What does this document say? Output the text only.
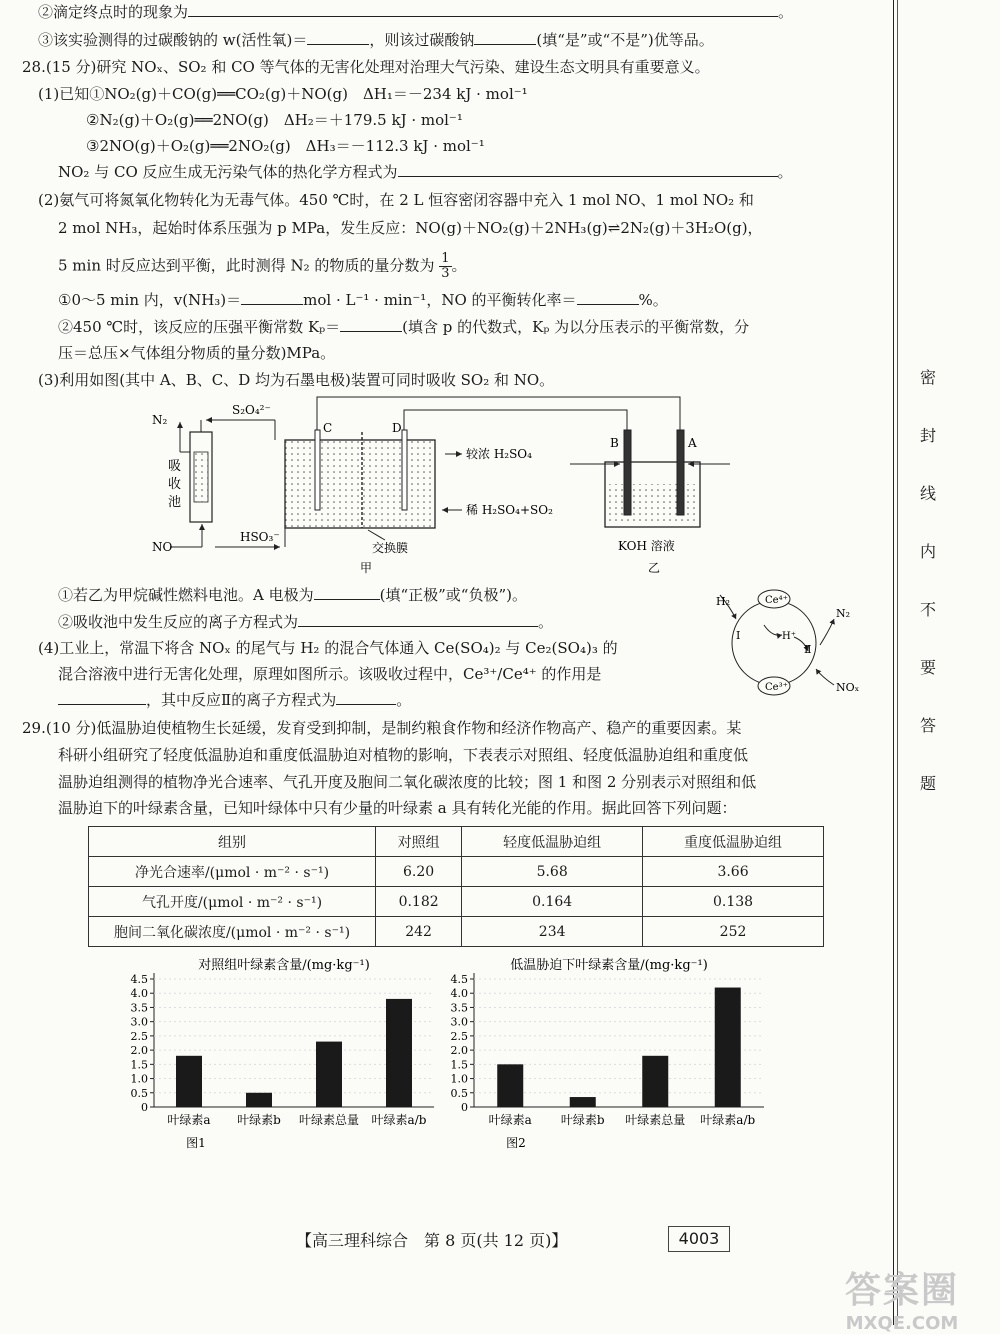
②滴定终点时的现象为	。
③该实验测得的过碳酸钠的 w(活性氧)＝	，则该过碳酸钠	(填“是”或“不是”)优等品。
28.(15 分)研究 NOₓ、SO₂ 和 CO 等气体的无害化处理对治理大气污染、建设生态文明具有重要意义。
(1)已知①NO₂(g)＋CO(g)══CO₂(g)＋NO(g)　ΔH₁＝－234 kJ · mol⁻¹
②N₂(g)＋O₂(g)══2NO(g)　ΔH₂＝＋179.5 kJ · mol⁻¹
③2NO(g)＋O₂(g)══2NO₂(g)　ΔH₃＝－112.3 kJ · mol⁻¹
NO₂ 与 CO 反应生成无污染气体的热化学方程式为	。
(2)氨气可将氮氧化物转化为无毒气体。450 ℃时，在 2 L 恒容密闭容器中充入 1 mol NO、1 mol NO₂ 和
2 mol NH₃，起始时体系压强为 p MPa，发生反应：NO(g)＋NO₂(g)＋2NH₃(g)⇌2N₂(g)＋3H₂O(g)，
5 min 时反应达到平衡，此时测得 N₂ 的物质的量分数为 $\frac{1}{3}$ 。
①0～5 min 内，v(NH₃)＝	mol · L⁻¹ · min⁻¹，NO 的平衡转化率＝	%。
②450 ℃时，该反应的压强平衡常数 Kₚ＝	(填含 p 的代数式，Kₚ 为以分压表示的平衡常数，分
压＝总压×气体组分物质的量分数)MPa。
(3)利用如图(其中 A、B、C、D 均为石墨电极)装置可同时吸收 SO₂ 和 NO。
N₂
NO
S₂O₄²⁻
HSO₃⁻
吸
收
池
C	D
B	A
较浓 H₂SO₄
稀 H₂SO₄+SO₂
交换膜
甲
KOH 溶液
乙
①若乙为甲烷碱性燃料电池。A 电极为	(填“正极”或“负极”)。
②吸收池中发生反应的离子方程式为	。
(4)工业上，常温下将含 NOₓ 的尾气与 H₂ 的混合气体通入 Ce(SO₄)₂ 与 Ce₂(SO₄)₃ 的
混合溶液中进行无害化处理，原理如图所示。该吸收过程中，Ce³⁺/Ce⁴⁺ 的作用是
，其中反应Ⅱ的离子方程式为	。
H₂	Ce⁴⁺
Ce³⁺
Ⅰ	H⁺
Ⅱ
N₂
NOₓ
29.(10 分)低温胁迫使植物生长延缓，发育受到抑制，是制约粮食作物和经济作物高产、稳产的重要因素。某
科研小组研究了轻度低温胁迫和重度低温胁迫对植物的影响，下表表示对照组、轻度低温胁迫组和重度低
温胁迫组测得的植物净光合速率、气孔开度及胞间二氧化碳浓度的比较；图 1 和图 2 分别表示对照组和低
温胁迫下的叶绿素含量，已知叶绿体中只有少量的叶绿素 a 具有转化光能的作用。据此回答下列问题：
组别	对照组	轻度低温胁迫组	重度低温胁迫组
净光合速率/(μmol · m⁻² · s⁻¹)	6.20	5.68	3.66
气孔开度/(μmol · m⁻² · s⁻¹)	0.182	0.164	0.138
胞间二氧化碳浓度/(μmol · m⁻² · s⁻¹)	242	234	252
对照组叶绿素含量/(mg·kg⁻¹)
0
0.5
1.0
1.5
2.0
2.5
3.0
3.5
4.0
4.5
叶绿素a 叶绿素b 叶绿素总量 叶绿素a/b
图1
低温胁迫下叶绿素含量/(mg·kg⁻¹)
0
0.5
1.0
1.5
2.0
2.5
3.0
3.5
4.0
4.5
叶绿素a 叶绿素b 叶绿素总量 叶绿素a/b
图2
【高三理科综合　第 8 页(共 12 页)】	4003
密
封
线
内
不
要
答
题
答案圈
MXQE.COM
